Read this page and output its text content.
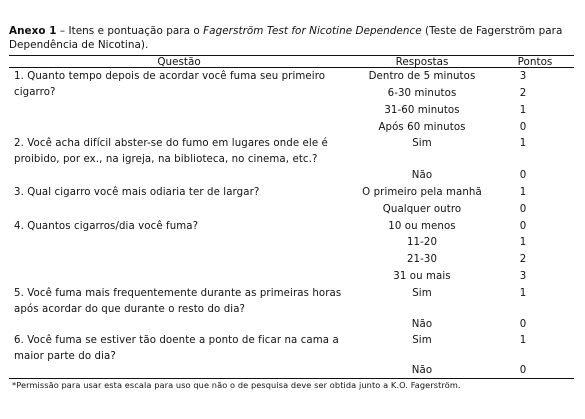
Anexo 1 – Itens e pontuação para o Fagerström Test for Nicotine Dependence (Teste de Fagerström para Dependência de Nicotina).
Questão	Respostas	Pontos
1. Quanto tempo depois de acordar você fuma seu primeiro cigarro?
Dentro de 5 minutos	3
6-30 minutos	2
31-60 minutos	1
Após 60 minutos	0
2. Você acha difícil abster-se do fumo em lugares onde ele é proibido, por ex., na igreja, na biblioteca, no cinema, etc.?
Sim	1
Não	0
3. Qual cigarro você mais odiaria ter de largar?	O primeiro pela manhã	1
Qualquer outro	0
4. Quantos cigarros/dia você fuma?	10 ou menos	0
11-20	1
21-30	2
31 ou mais	3
5. Você fuma mais frequentemente durante as primeiras horas após acordar do que durante o resto do dia?
Sim	1
Não	0
6. Você fuma se estiver tão doente a ponto de ficar na cama a maior parte do dia?
Sim	1
Não	0
*Permissão para usar esta escala para uso que não o de pesquisa deve ser obtida junto a K.O. Fagerström.
